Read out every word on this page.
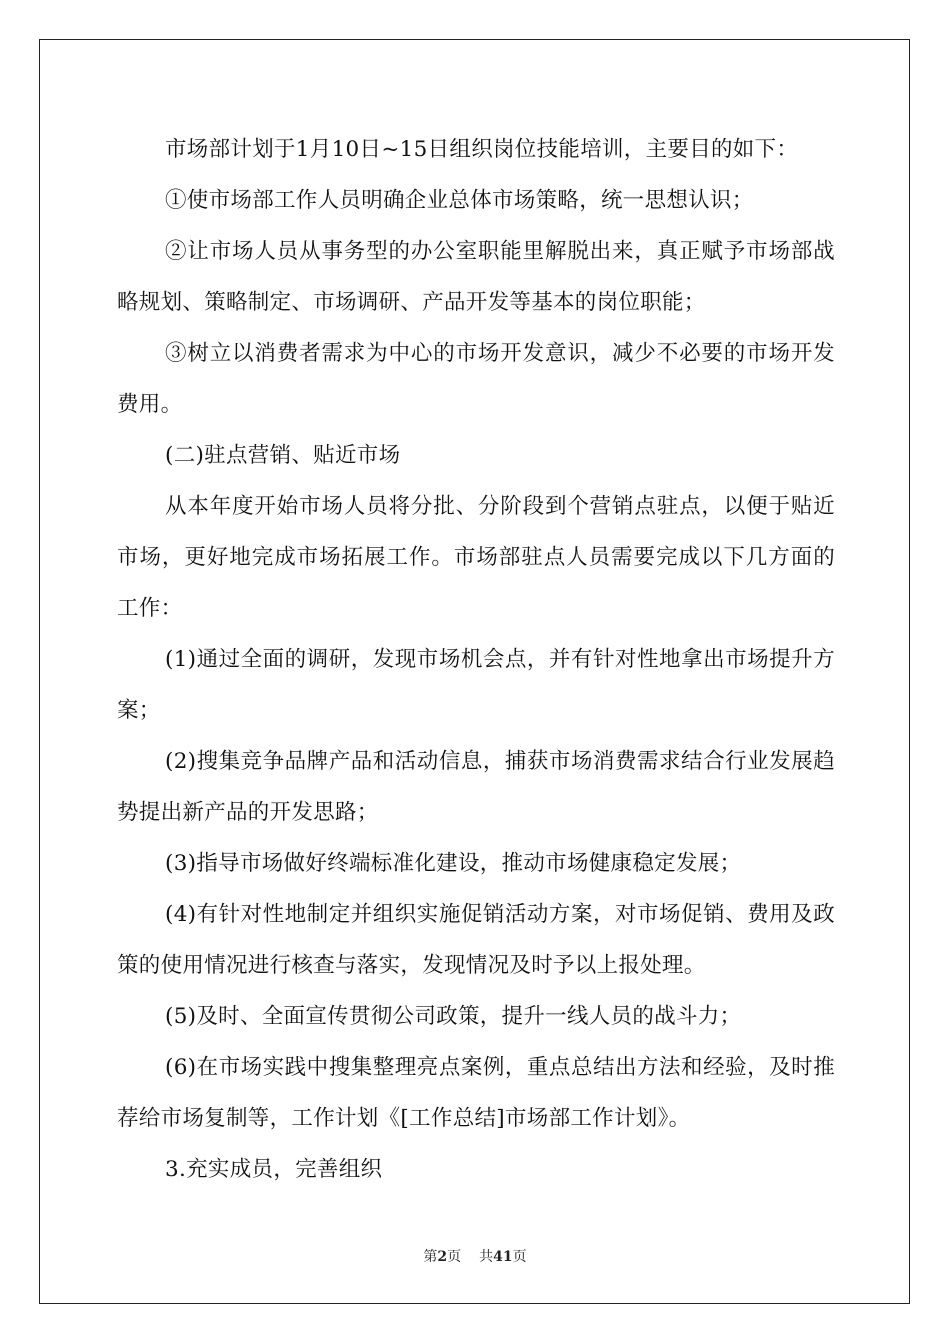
市场部计划于1月10日~15日组织岗位技能培训，主要目的如下：

①使市场部工作人员明确企业总体市场策略，统一思想认识；

②让市场人员从事务型的办公室职能里解脱出来，真正赋予市场部战略规划、策略制定、市场调研、产品开发等基本的岗位职能；

③树立以消费者需求为中心的市场开发意识，减少不必要的市场开发费用。

(二)驻点营销、贴近市场

从本年度开始市场人员将分批、分阶段到个营销点驻点，以便于贴近市场，更好地完成市场拓展工作。市场部驻点人员需要完成以下几方面的工作：

(1)通过全面的调研，发现市场机会点，并有针对性地拿出市场提升方案；

(2)搜集竞争品牌产品和活动信息，捕获市场消费需求结合行业发展趋势提出新产品的开发思路；

(3)指导市场做好终端标准化建设，推动市场健康稳定发展；

(4)有针对性地制定并组织实施促销活动方案，对市场促销、费用及政策的使用情况进行核查与落实，发现情况及时予以上报处理。

(5)及时、全面宣传贯彻公司政策，提升一线人员的战斗力；

(6)在市场实践中搜集整理亮点案例，重点总结出方法和经验，及时推荐给市场复制等，工作计划《[工作总结]市场部工作计划》。

3.充实成员，完善组织

第2页 共41页
